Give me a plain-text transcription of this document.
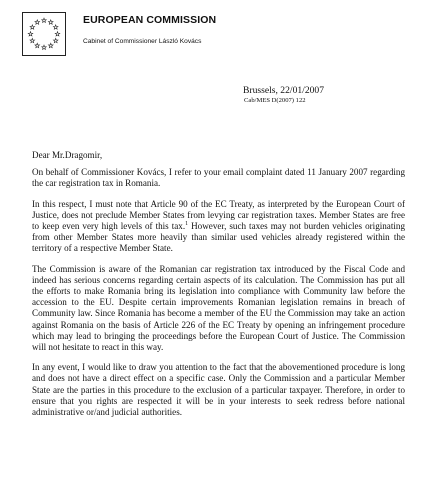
EUROPEAN COMMISSION
Cabinet of Commissioner László Kovács
Brussels, 22/01/2007
Cab/MES D(2007) 122

Dear Mr.Dragomir,

On behalf of Commissioner Kovács, I refer to your email complaint dated 11 January 2007 regarding the car registration tax in Romania.

In this respect, I must note that Article 90 of the EC Treaty, as interpreted by the European Court of Justice, does not preclude Member States from levying car registration taxes. Member States are free to keep even very high levels of this tax.$^1$ However, such taxes may not burden vehicles originating from other Member States more heavily than similar used vehicles already registered within the territory of a respective Member State.

The Commission is aware of the Romanian car registration tax introduced by the Fiscal Code and indeed has serious concerns regarding certain aspects of its calculation. The Commission has put all the efforts to make Romania bring its legislation into compliance with Community law before the accession to the EU. Despite certain improvements Romanian legislation remains in breach of Community law. Since Romania has become a member of the EU the Commission may take an action against Romania on the basis of Article 226 of the EC Treaty by opening an infringement procedure which may lead to bringing the proceedings before the European Court of Justice. The Commission will not hesitate to react in this way.

In any event, I would like to draw you attention to the fact that the abovementioned procedure is long and does not have a direct effect on a specific case. Only the Commission and a particular Member State are the parties in this procedure to the exclusion of a particular taxpayer. Therefore, in order to ensure that you rights are respected it will be in your interests to seek redress before national administrative or/and judicial authorities.
